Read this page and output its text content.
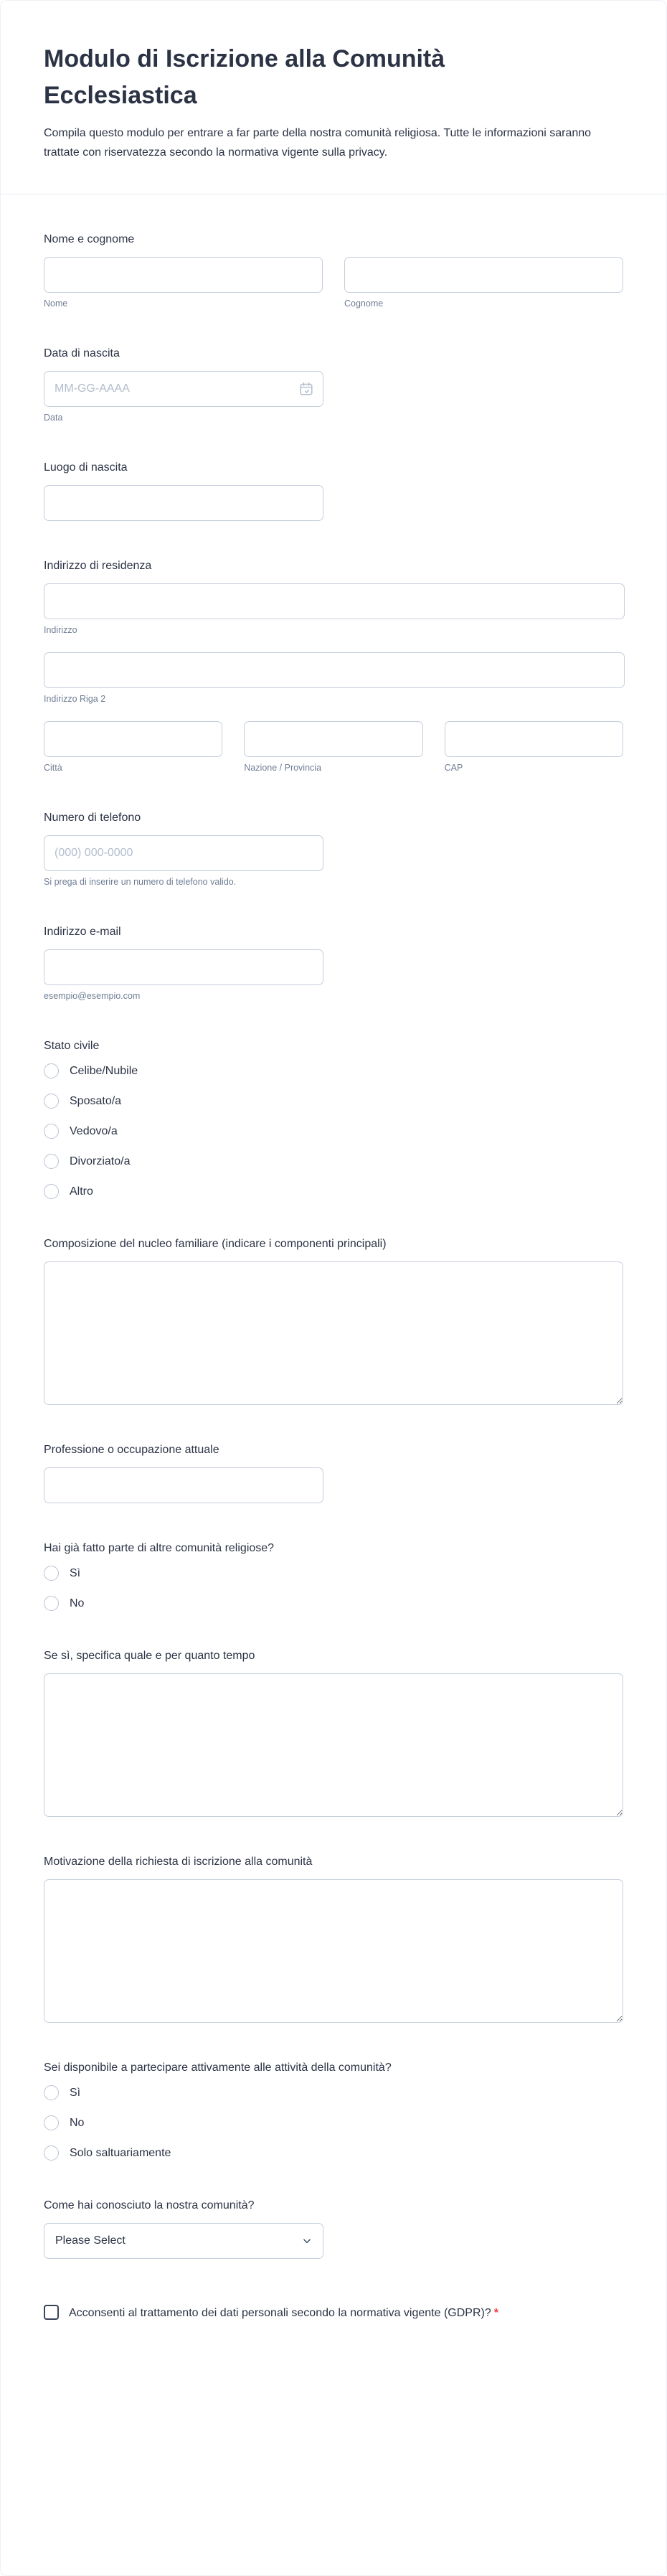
Modulo di Iscrizione alla Comunità Ecclesiastica

Compila questo modulo per entrare a far parte della nostra comunità religiosa. Tutte le informazioni saranno trattate con riservatezza secondo la normativa vigente sulla privacy.

Nome e cognome
Nome	Cognome
Data di nascita
MM-GG-AAAA
Data
Luogo di nascita
Indirizzo di residenza
Indirizzo
Indirizzo Riga 2
Città	Nazione / Provincia	CAP
Numero di telefono
(000) 000-0000
Si prega di inserire un numero di telefono valido.
Indirizzo e-mail
esempio@esempio.com
Stato civile
Celibe/Nubile
Sposato/a
Vedovo/a
Divorziato/a
Altro
Composizione del nucleo familiare (indicare i componenti principali)
Professione o occupazione attuale
Hai già fatto parte di altre comunità religiose?
Sì
No
Se sì, specifica quale e per quanto tempo
Motivazione della richiesta di iscrizione alla comunità
Sei disponibile a partecipare attivamente alle attività della comunità?
Sì
No
Solo saltuariamente
Come hai conosciuto la nostra comunità?
Please Select
Acconsenti al trattamento dei dati personali secondo la normativa vigente (GDPR)? *
